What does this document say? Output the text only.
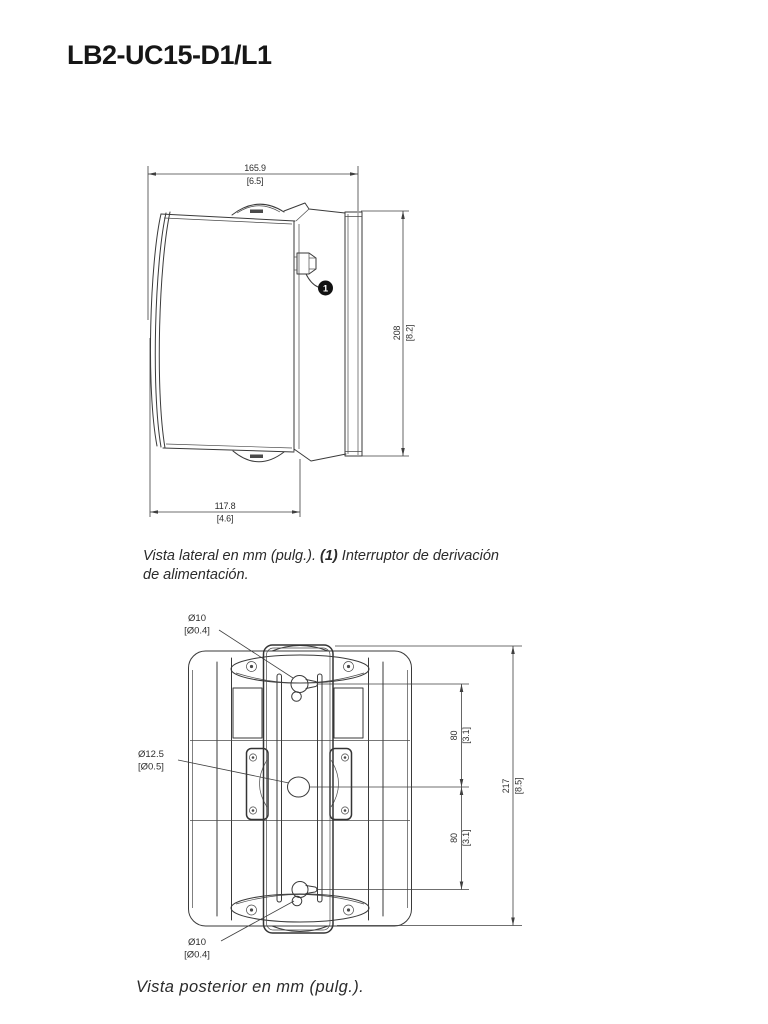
LB2-UC15-D1/L1
1
165.9
[6.5]
208 [8.2]
117.8
[4.6]

Vista lateral en mm (pulg.). (1) Interruptor de derivación
de alimentación.

Ø10
[Ø0.4]
Ø12.5
[Ø0.5]
Ø10
[Ø0.4]
80 [3.1]
80 [3.1]
217 [8.5]

Vista posterior en mm (pulg.).
